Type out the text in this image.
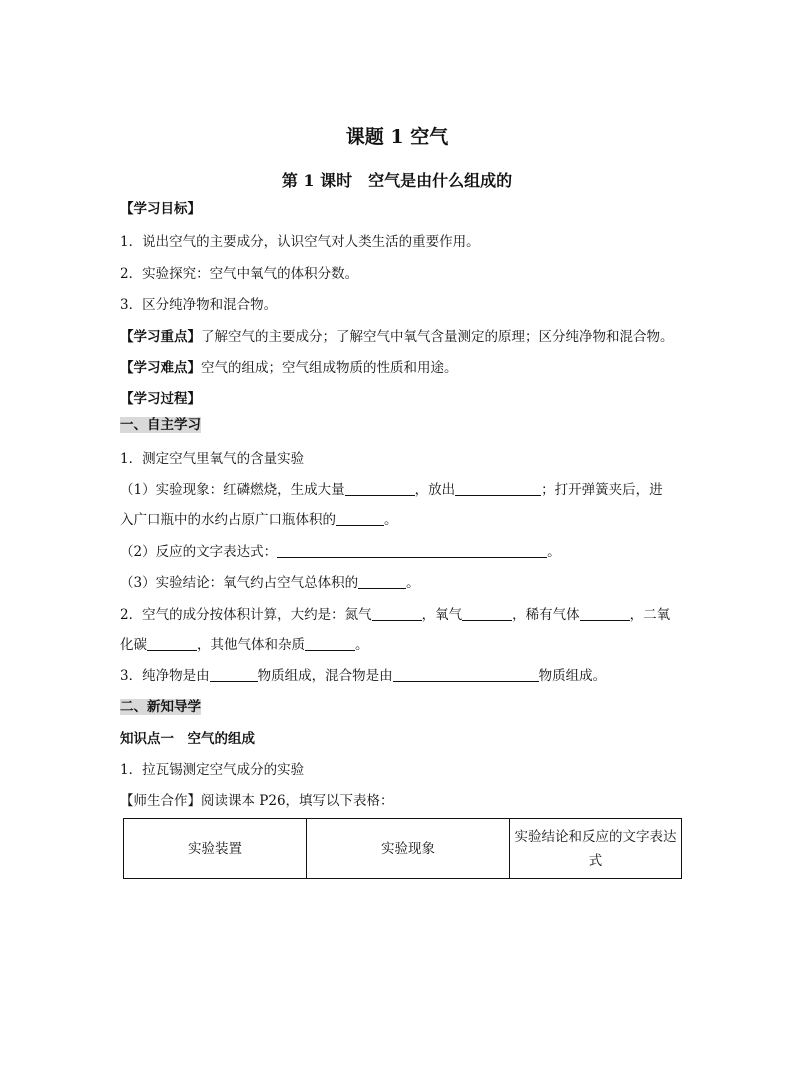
课题 1 空气
第 1 课时　空气是由什么组成的
【学习目标】
1．说出空气的主要成分，认识空气对人类生活的重要作用。
2．实验探究：空气中氧气的体积分数。
3．区分纯净物和混合物。
【学习重点】了解空气的主要成分；了解空气中氧气含量测定的原理；区分纯净物和混合物。
【学习难点】空气的组成；空气组成物质的性质和用途。
【学习过程】
一、自主学习
1．测定空气里氧气的含量实验
（1）实验现象：红磷燃烧，生成大量	，放出	；打开弹簧夹后，进
入广口瓶中的水约占原广口瓶体积的	。
（2）反应的文字表达式：	。
（3）实验结论：氧气约占空气总体积的	。
2．空气的成分按体积计算，大约是：氮气	，氧气	，稀有气体	，二氧
化碳	，其他气体和杂质	。
3．纯净物是由	物质组成，混合物是由	物质组成。
二、新知导学
知识点一　空气的组成
1．拉瓦锡测定空气成分的实验
【师生合作】阅读课本 P26，填写以下表格：
实验装置	实验现象	实验结论和反应的文字表达式
